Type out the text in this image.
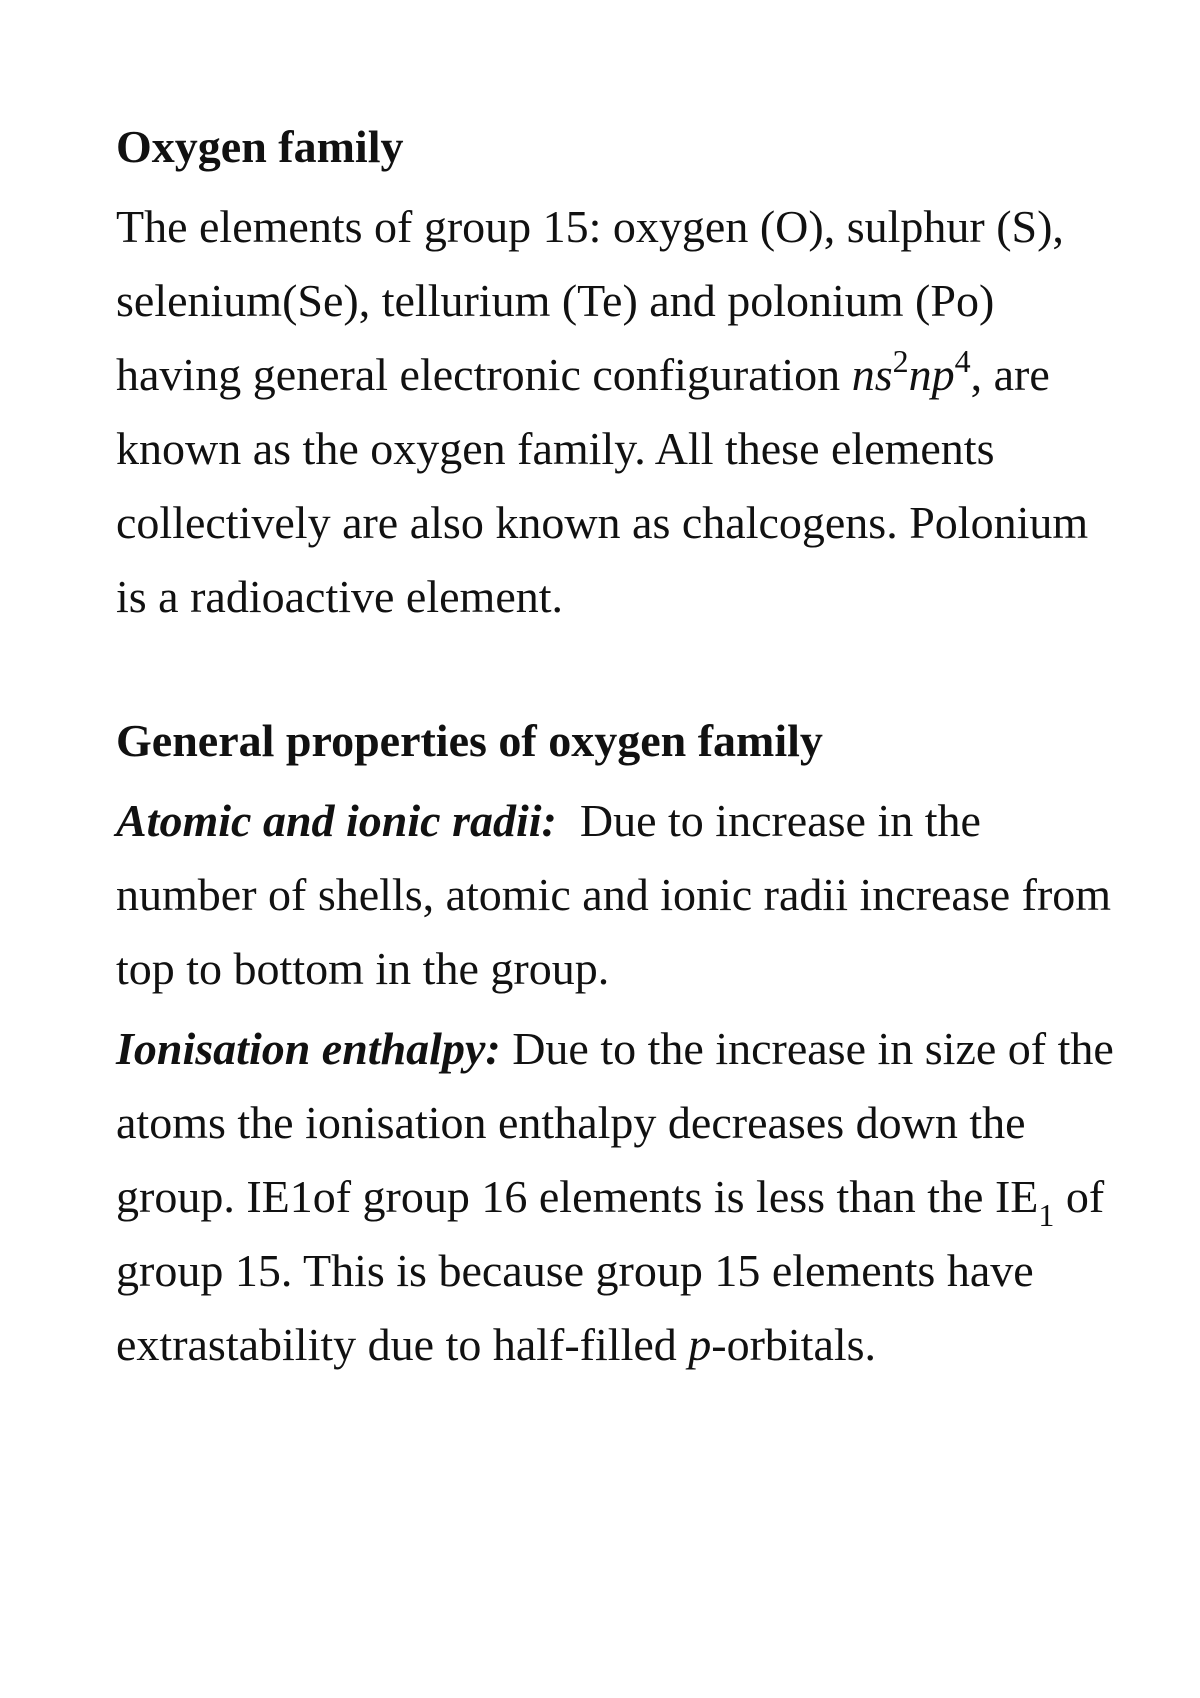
Oxygen family

The elements of group 15: oxygen (O), sulphur (S), selenium(Se), tellurium (Te) and polonium (Po) having general electronic configuration $ns^2np^4$, are known as the oxygen family. All these elements collectively are also known as chalcogens. Polonium is a radioactive element.

General properties of oxygen family

Atomic and ionic radii:  Due to increase in the number of shells, atomic and ionic radii increase from top to bottom in the group.

Ionisation enthalpy: Due to the increase in size of the atoms the ionisation enthalpy decreases down the group. IE1of group 16 elements is less than the $IE_1$ of group 15. This is because group 15 elements have extrastability due to half-filled p-orbitals.
